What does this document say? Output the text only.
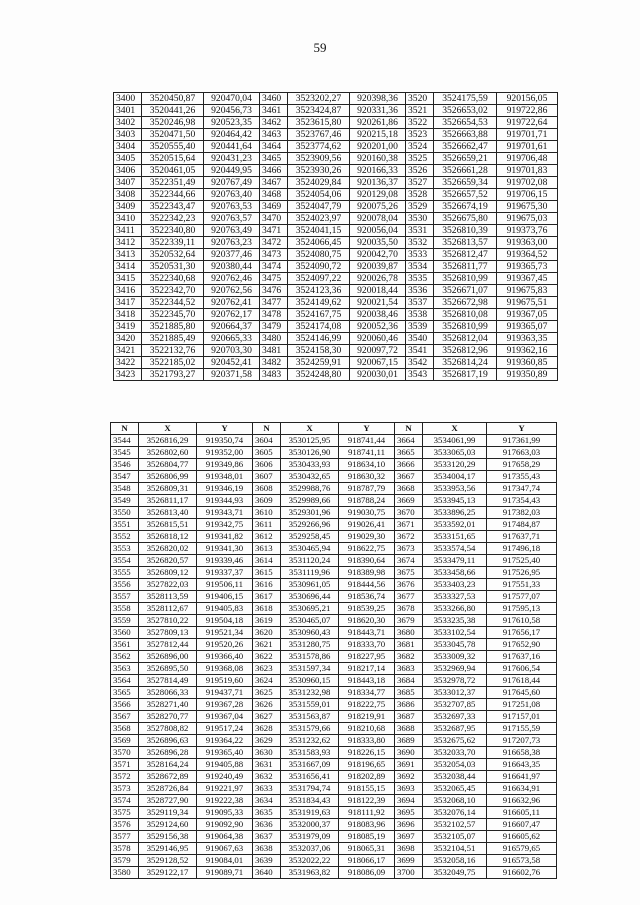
59
3400	3520450,87	920470,04	3460	3523202,27	920398,36	3520	3524175,59	920156,05
3401	3520441,26	920456,73	3461	3523424,87	920331,36	3521	3526653,02	919722,86
3402	3520246,98	920523,35	3462	3523615,80	920261,86	3522	3526654,53	919722,64
3403	3520471,50	920464,42	3463	3523767,46	920215,18	3523	3526663,88	919701,71
3404	3520555,40	920441,64	3464	3523774,62	920201,00	3524	3526662,47	919701,61
3405	3520515,64	920431,23	3465	3523909,56	920160,38	3525	3526659,21	919706,48
3406	3520461,05	920449,95	3466	3523930,26	920166,33	3526	3526661,28	919701,83
3407	3522351,49	920767,49	3467	3524029,84	920136,37	3527	3526659,34	919702,08
3408	3522344,66	920763,40	3468	3524054,06	920129,08	3528	3526657,52	919706,15
3409	3522343,47	920763,53	3469	3524047,79	920075,26	3529	3526674,19	919675,30
3410	3522342,23	920763,57	3470	3524023,97	920078,04	3530	3526675,80	919675,03
3411	3522340,80	920763,49	3471	3524041,15	920056,04	3531	3526810,39	919373,76
3412	3522339,11	920763,23	3472	3524066,45	920035,50	3532	3526813,57	919363,00
3413	3520532,64	920377,46	3473	3524080,75	920042,70	3533	3526812,47	919364,52
3414	3520531,30	920380,44	3474	3524090,72	920039,87	3534	3526811,77	919365,73
3415	3522340,68	920762,46	3475	3524097,22	920026,78	3535	3526810,99	919367,45
3416	3522342,70	920762,56	3476	3524123,36	920018,44	3536	3526671,07	919675,83
3417	3522344,52	920762,41	3477	3524149,62	920021,54	3537	3526672,98	919675,51
3418	3522345,70	920762,17	3478	3524167,75	920038,46	3538	3526810,08	919367,05
3419	3521885,80	920664,37	3479	3524174,08	920052,36	3539	3526810,99	919365,07
3420	3521885,49	920665,33	3480	3524146,99	920060,46	3540	3526812,04	919363,35
3421	3522132,76	920703,30	3481	3524158,30	920097,72	3541	3526812,96	919362,16
3422	3522185,02	920452,41	3482	3524259,91	920067,15	3542	3526814,24	919360,85
3423	3521793,27	920371,58	3483	3524248,80	920030,01	3543	3526817,19	919350,89
N	X	Y	N	X	Y	N	X	Y
3544	3526816,29	919350,74	3604	3530125,95	918741,44	3664	3534061,99	917361,99
3545	3526802,60	919352,00	3605	3530126,90	918741,11	3665	3533065,03	917663,03
3546	3526804,77	919349,86	3606	3530433,93	918634,10	3666	3533120,29	917658,29
3547	3526806,99	919348,01	3607	3530432,65	918630,32	3667	3534004,17	917355,43
3548	3526809,31	919346,19	3608	3529988,76	918787,79	3668	3533953,56	917347,74
3549	3526811,17	919344,93	3609	3529989,66	918788,24	3669	3533945,13	917354,43
3550	3526813,40	919343,71	3610	3529301,96	919030,75	3670	3533896,25	917382,03
3551	3526815,51	919342,75	3611	3529266,96	919026,41	3671	3533592,01	917484,87
3552	3526818,12	919341,82	3612	3529258,45	919029,30	3672	3533151,65	917637,71
3553	3526820,02	919341,30	3613	3530465,94	918622,75	3673	3533574,54	917496,18
3554	3526820,57	919339,46	3614	3531120,24	918390,64	3674	3533479,11	917525,40
3555	3526809,12	919337,37	3615	3531119,96	918389,98	3675	3533458,66	917526,95
3556	3527822,03	919506,11	3616	3530961,05	918444,56	3676	3533403,23	917551,33
3557	3528113,59	919406,15	3617	3530696,44	918536,74	3677	3533327,53	917577,07
3558	3528112,67	919405,83	3618	3530695,21	918539,25	3678	3533266,80	917595,13
3559	3527810,22	919504,18	3619	3530465,07	918620,30	3679	3533235,38	917610,58
3560	3527809,13	919521,34	3620	3530960,43	918443,71	3680	3533102,54	917656,17
3561	3527812,44	919520,26	3621	3531280,75	918333,70	3681	3533045,78	917652,90
3562	3526896,00	919366,40	3622	3531578,86	918227,95	3682	3533009,32	917637,16
3563	3526895,50	919368,08	3623	3531597,34	918217,14	3683	3532969,94	917606,54
3564	3527814,49	919519,60	3624	3530960,15	918443,18	3684	3532978,72	917618,44
3565	3528066,33	919437,71	3625	3531232,98	918334,77	3685	3533012,37	917645,60
3566	3528271,40	919367,28	3626	3531559,01	918222,75	3686	3532707,85	917251,08
3567	3528270,77	919367,04	3627	3531563,87	918219,91	3687	3532697,33	917157,01
3568	3527808,82	919517,24	3628	3531579,66	918210,68	3688	3532687,95	917155,59
3569	3526896,63	919364,22	3629	3531232,62	918333,80	3689	3532675,62	917207,73
3570	3526896,28	919365,40	3630	3531583,93	918226,15	3690	3532033,70	916658,38
3571	3528164,24	919405,88	3631	3531667,09	918196,65	3691	3532054,03	916643,35
3572	3528672,89	919240,49	3632	3531656,41	918202,89	3692	3532038,44	916641,97
3573	3528726,84	919221,97	3633	3531794,74	918155,15	3693	3532065,45	916634,91
3574	3528727,90	919222,38	3634	3531834,43	918122,39	3694	3532068,10	916632,96
3575	3529119,34	919095,33	3635	3531919,63	918111,92	3695	3532076,14	916605,11
3576	3529124,60	919092,90	3636	3532000,37	918083,96	3696	3532102,57	916607,47
3577	3529156,38	919064,38	3637	3531979,09	918085,19	3697	3532105,07	916605,62
3578	3529146,95	919067,63	3638	3532037,06	918065,31	3698	3532104,51	916579,65
3579	3529128,52	919084,01	3639	3532022,22	918066,17	3699	3532058,16	916573,58
3580	3529122,17	919089,71	3640	3531963,82	918086,09	3700	3532049,75	916602,76
